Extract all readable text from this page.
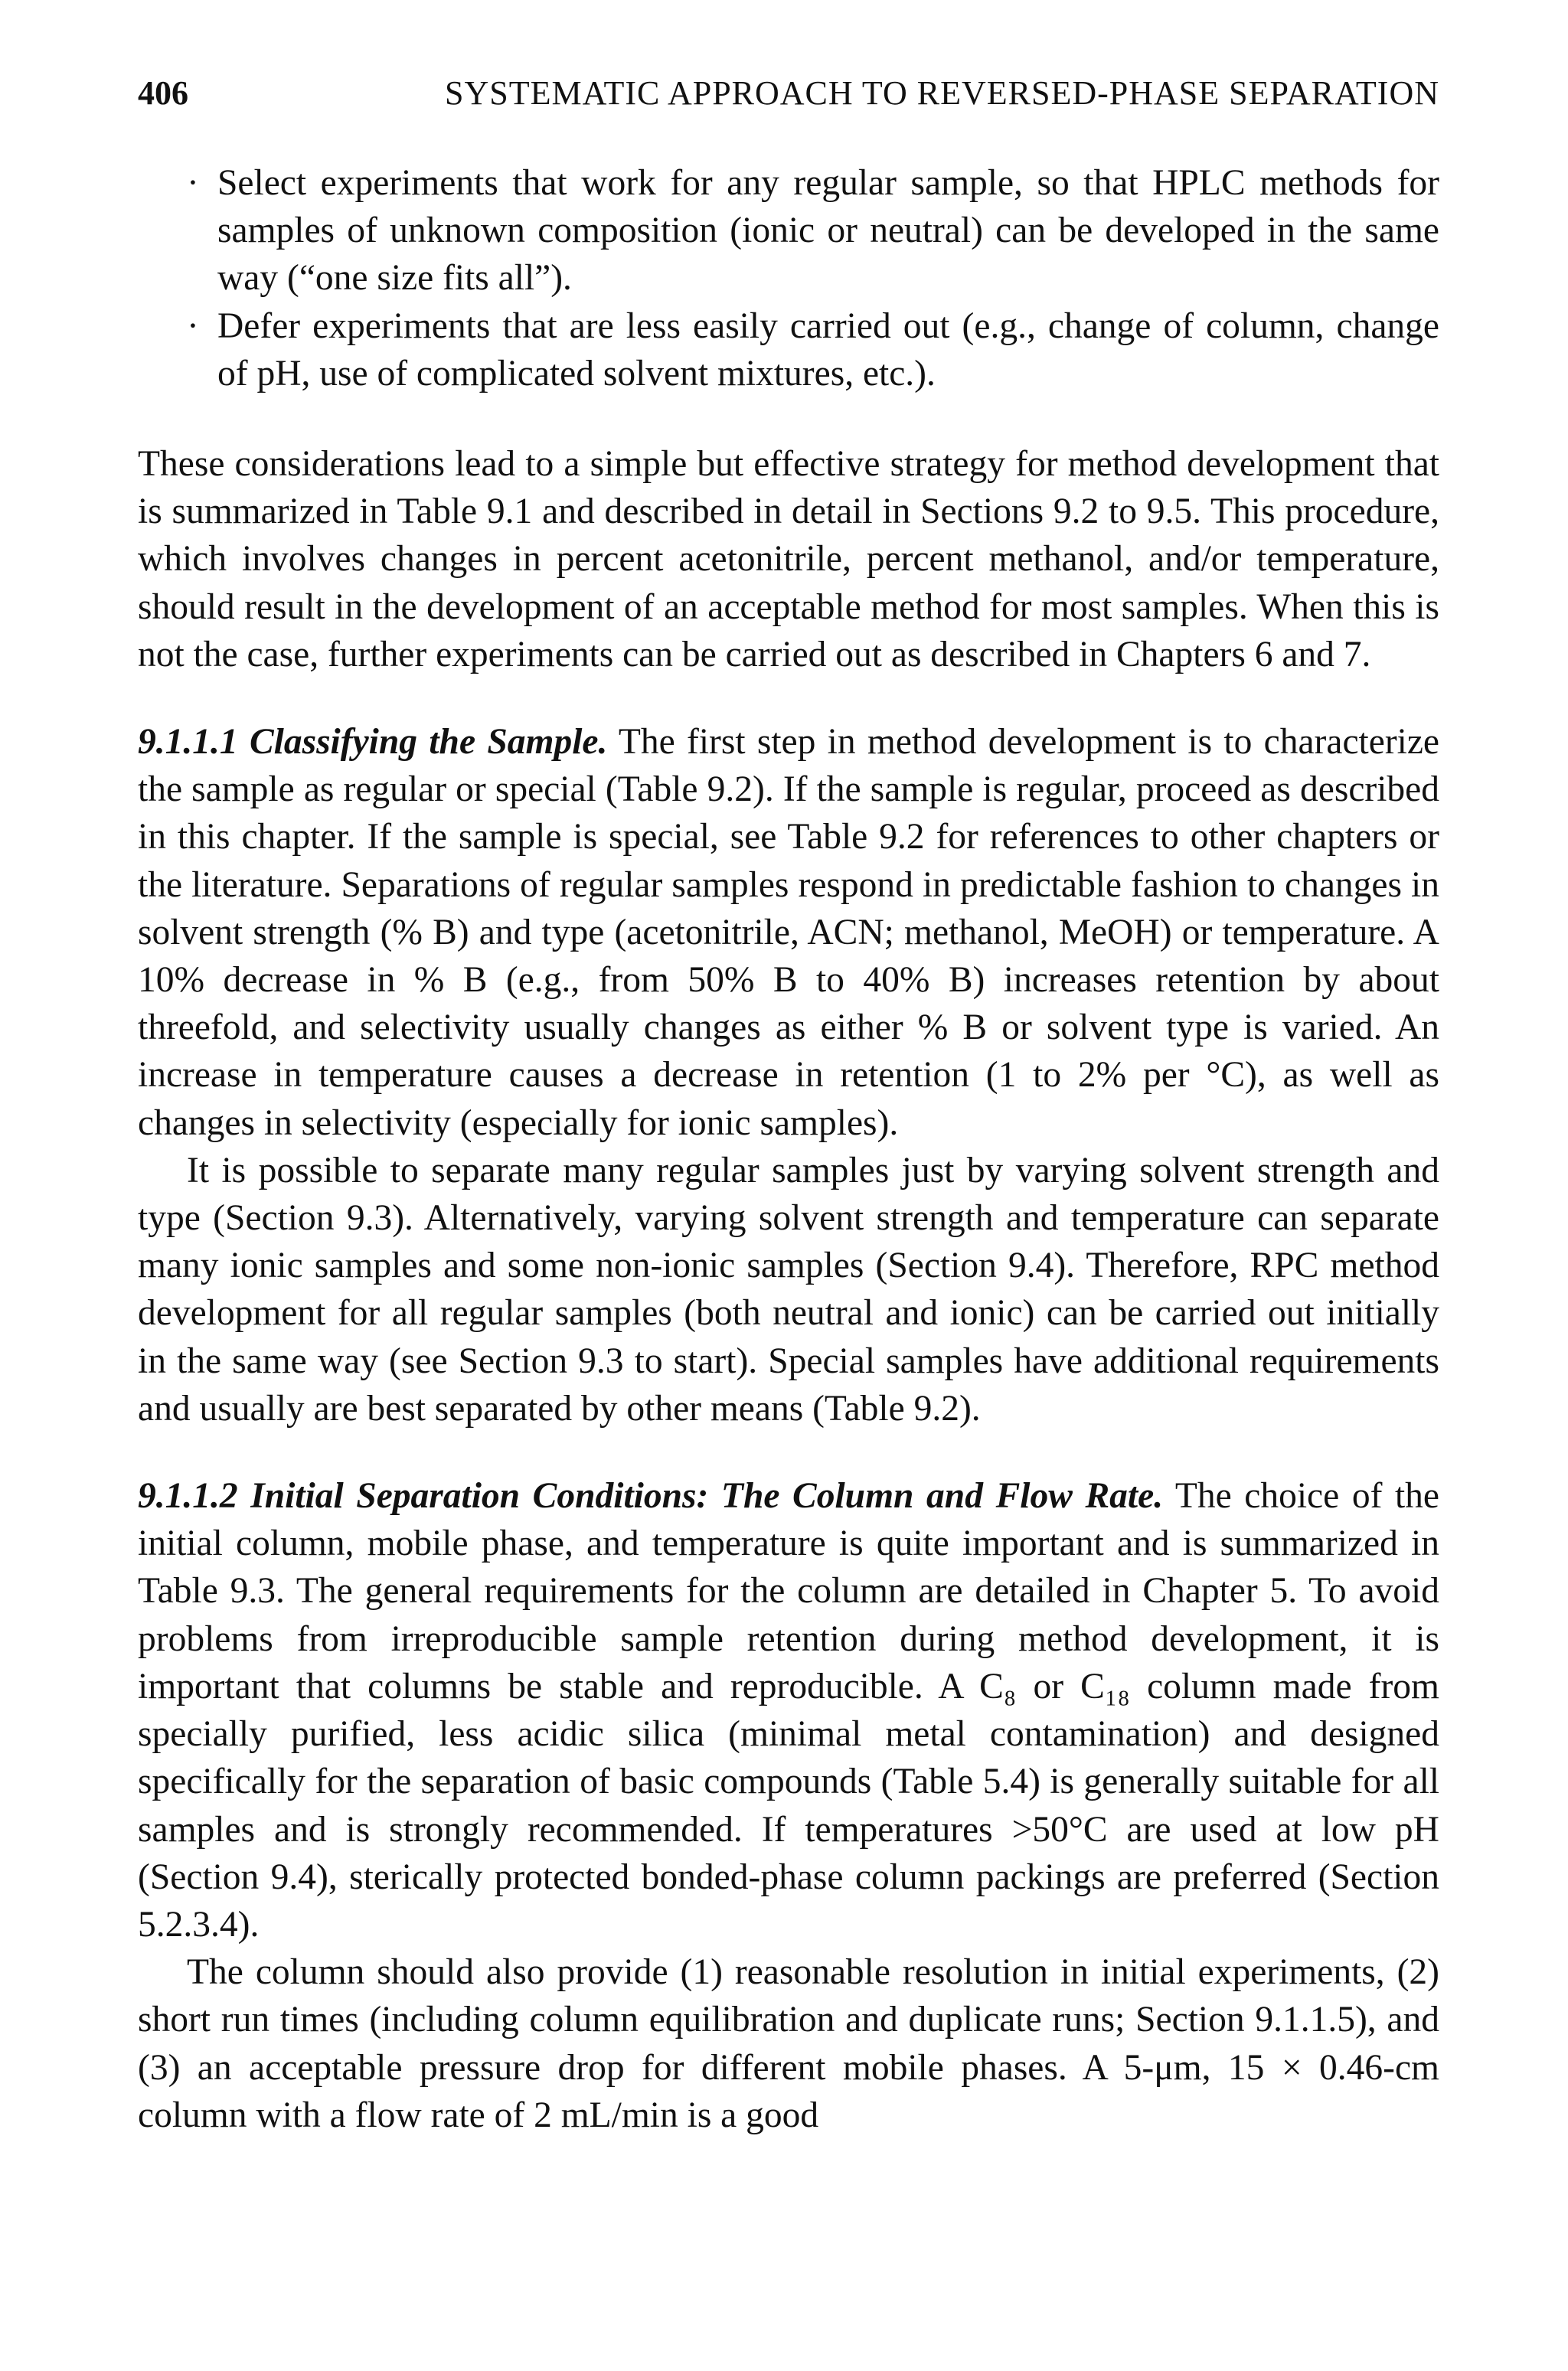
406	SYSTEMATIC APPROACH TO REVERSED-PHASE SEPARATION
· Select experiments that work for any regular sample, so that HPLC methods for samples of unknown composition (ionic or neutral) can be developed in the same way (“one size fits all”).
· Defer experiments that are less easily carried out (e.g., change of column, change of pH, use of complicated solvent mixtures, etc.).

These considerations lead to a simple but effective strategy for method development that is summarized in Table 9.1 and described in detail in Sections 9.2 to 9.5. This procedure, which involves changes in percent acetonitrile, percent methanol, and/or temperature, should result in the development of an acceptable method for most samples. When this is not the case, further experiments can be carried out as described in Chapters 6 and 7.

9.1.1.1 Classifying the Sample. The first step in method development is to characterize the sample as regular or special (Table 9.2). If the sample is regular, proceed as described in this chapter. If the sample is special, see Table 9.2 for references to other chapters or the literature. Separations of regular samples respond in predictable fashion to changes in solvent strength (% B) and type (acetonitrile, ACN; methanol, MeOH) or temperature. A 10% decrease in % B (e.g., from 50% B to 40% B) increases retention by about threefold, and selectivity usually changes as either % B or solvent type is varied. An increase in temperature causes a decrease in retention (1 to 2% per °C), as well as changes in selectivity (especially for ionic samples).

It is possible to separate many regular samples just by varying solvent strength and type (Section 9.3). Alternatively, varying solvent strength and temperature can separate many ionic samples and some non-ionic samples (Section 9.4). Therefore, RPC method development for all regular samples (both neutral and ionic) can be carried out initially in the same way (see Section 9.3 to start). Special samples have additional requirements and usually are best separated by other means (Table 9.2).

9.1.1.2 Initial Separation Conditions: The Column and Flow Rate. The choice of the initial column, mobile phase, and temperature is quite important and is summarized in Table 9.3. The general requirements for the column are detailed in Chapter 5. To avoid problems from irreproducible sample retention during method development, it is important that columns be stable and reproducible. A C₈ or C₁₈ column made from specially purified, less acidic silica (minimal metal contamination) and designed specifically for the separation of basic compounds (Table 5.4) is generally suitable for all samples and is strongly recommended. If temperatures >50°C are used at low pH (Section 9.4), sterically protected bonded-phase column packings are preferred (Section 5.2.3.4).

The column should also provide (1) reasonable resolution in initial experiments, (2) short run times (including column equilibration and duplicate runs; Section 9.1.1.5), and (3) an acceptable pressure drop for different mobile phases. A 5-μm, 15 × 0.46-cm column with a flow rate of 2 mL/min is a good
